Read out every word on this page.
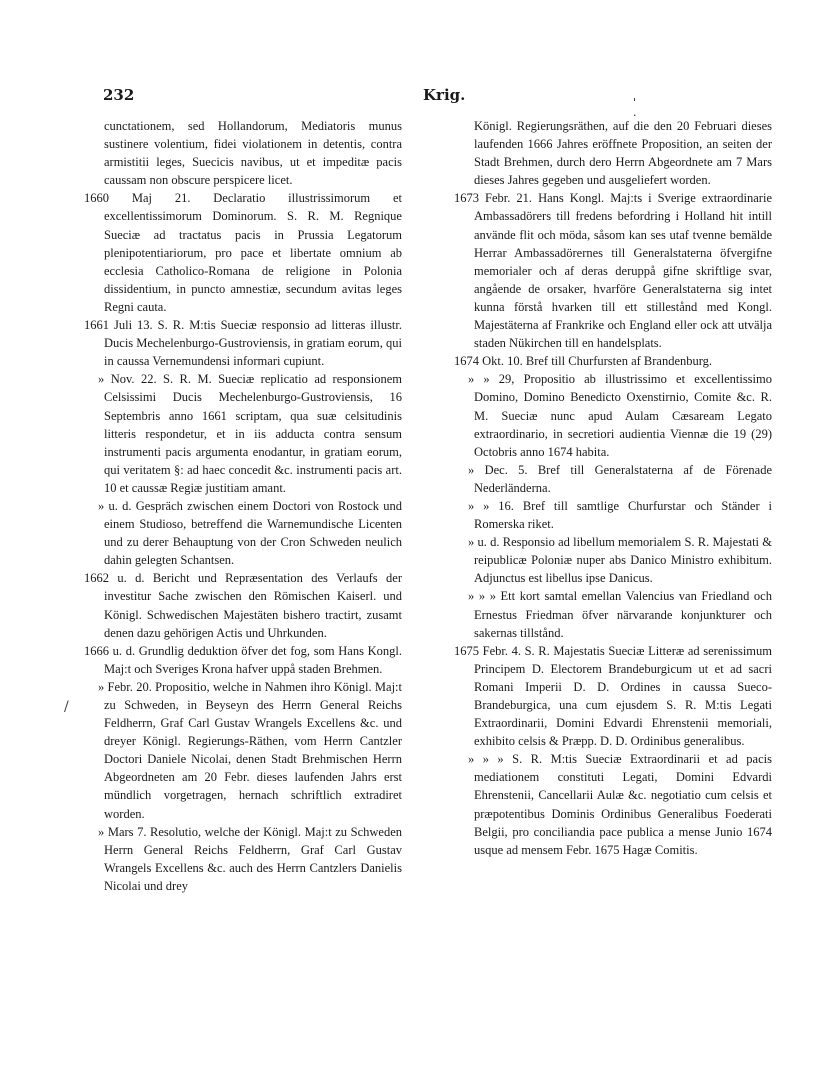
232	Krig.	' ·
/

cunctationem, sed Hollandorum, Mediatoris munus sustinere volentium, fidei violationem in detentis, contra armistitii leges, Suecicis navibus, ut et impeditæ pacis caussam non obscure perspicere licet.

1660 Maj 21. Declaratio illustrissimorum et excellentissimorum Dominorum. S. R. M. Regnique Sueciæ ad tractatus pacis in Prussia Legatorum plenipotentiariorum, pro pace et libertate omnium ab ecclesia Catholico-Romana de religione in Polonia dissidentium, in puncto amnestiæ, secundum avitas leges Regni cauta.

1661 Juli 13. S. R. M:tis Sueciæ responsio ad litteras illustr. Ducis Mechelenburgo-Gustroviensis, in gratiam eorum, qui in caussa Vernemundensi informari cupiunt.

» Nov. 22. S. R. M. Sueciæ replicatio ad responsionem Celsissimi Ducis Mechelenburgo-Gustroviensis, 16 Septembris anno 1661 scriptam, qua suæ celsitudinis litteris respondetur, et in iis adducta contra sensum instrumenti pacis argumenta enodantur, in gratiam eorum, qui veritatem §: ad haec concedit &c. instrumenti pacis art. 10 et caussæ Regiæ justitiam amant.

» u. d. Gespräch zwischen einem Doctori von Rostock und einem Studioso, betreffend die Warnemundische Licenten und zu derer Behauptung von der Cron Schweden neulich dahin gelegten Schantsen.

1662 u. d. Bericht und Repræsentation des Verlaufs der investitur Sache zwischen den Römischen Kaiserl. und Königl. Schwedischen Majestäten bishero tractirt, zusamt denen dazu gehörigen Actis und Uhrkunden.

1666 u. d. Grundlig deduktion öfver det fog, som Hans Kongl. Maj:t och Sveriges Krona hafver uppå staden Brehmen.

» Febr. 20. Propositio, welche in Nahmen ihro Königl. Maj:t zu Schweden, in Beyseyn des Herrn General Reichs Feldherrn, Graf Carl Gustav Wrangels Excellens &c. und dreyer Königl. Regierungs-Räthen, vom Herrn Cantzler Doctori Daniele Nicolai, denen Stadt Brehmischen Herrn Abgeordneten am 20 Febr. dieses laufenden Jahrs erst mündlich vorgetragen, hernach schriftlich extradiret worden.

» Mars 7. Resolutio, welche der Königl. Maj:t zu Schweden Herrn General Reichs Feldherrn, Graf Carl Gustav Wrangels Excellens &c. auch des Herrn Cantzlers Danielis Nicolai und drey

Königl. Regierungsräthen, auf die den 20 Februari dieses laufenden 1666 Jahres eröffnete Proposition, an seiten der Stadt Brehmen, durch dero Herrn Abgeordnete am 7 Mars dieses Jahres gegeben und ausgeliefert worden.

1673 Febr. 21. Hans Kongl. Maj:ts i Sverige extraordinarie Ambassadörers till fredens befordring i Holland hit intill använde flit och möda, såsom kan ses utaf tvenne bemälde Herrar Ambassadörernes till Generalstaterna öfvergifne memorialer och af deras deruppå gifne skriftlige svar, angående de orsaker, hvarföre Generalstaterna sig intet kunna förstå hvarken till ett stillestånd med Kongl. Majestäterna af Frankrike och England eller ock att utvälja staden Nükirchen till en handelsplats.

1674 Okt. 10. Bref till Churfursten af Brandenburg.

» » 29, Propositio ab illustrissimo et excellentissimo Domino, Domino Benedicto Oxenstirnio, Comite &c. R. M. Sueciæ nunc apud Aulam Cæsaream Legato extraordinario, in secretiori audientia Viennæ die 19 (29) Octobris anno 1674 habita.

» Dec. 5. Bref till Generalstaterna af de Förenade Nederländerna.

» » 16. Bref till samtlige Churfurstar och Ständer i Romerska riket.

» u. d. Responsio ad libellum memorialem S. R. Majestati & reipublicæ Poloniæ nuper abs Danico Ministro exhibitum. Adjunctus est libellus ipse Danicus.

» » » Ett kort samtal emellan Valencius van Friedland och Ernestus Friedman öfver närvarande konjunkturer och sakernas tillstånd.

1675 Febr. 4. S. R. Majestatis Sueciæ Litteræ ad serenissimum Principem D. Electorem Brandeburgicum ut et ad sacri Romani Imperii D. D. Ordines in caussa Sueco-Brandeburgica, una cum ejusdem S. R. M:tis Legati Extraordinarii, Domini Edvardi Ehrenstenii memoriali, exhibito celsis & Præpp. D. D. Ordinibus generalibus.

» » » S. R. M:tis Sueciæ Extraordinarii et ad pacis mediationem constituti Legati, Domini Edvardi Ehrenstenii, Cancellarii Aulæ &c. negotiatio cum celsis et præpotentibus Dominis Ordinibus Generalibus Foederati Belgii, pro conciliandia pace publica a mense Junio 1674 usque ad mensem Febr. 1675 Hagæ Comitis.
